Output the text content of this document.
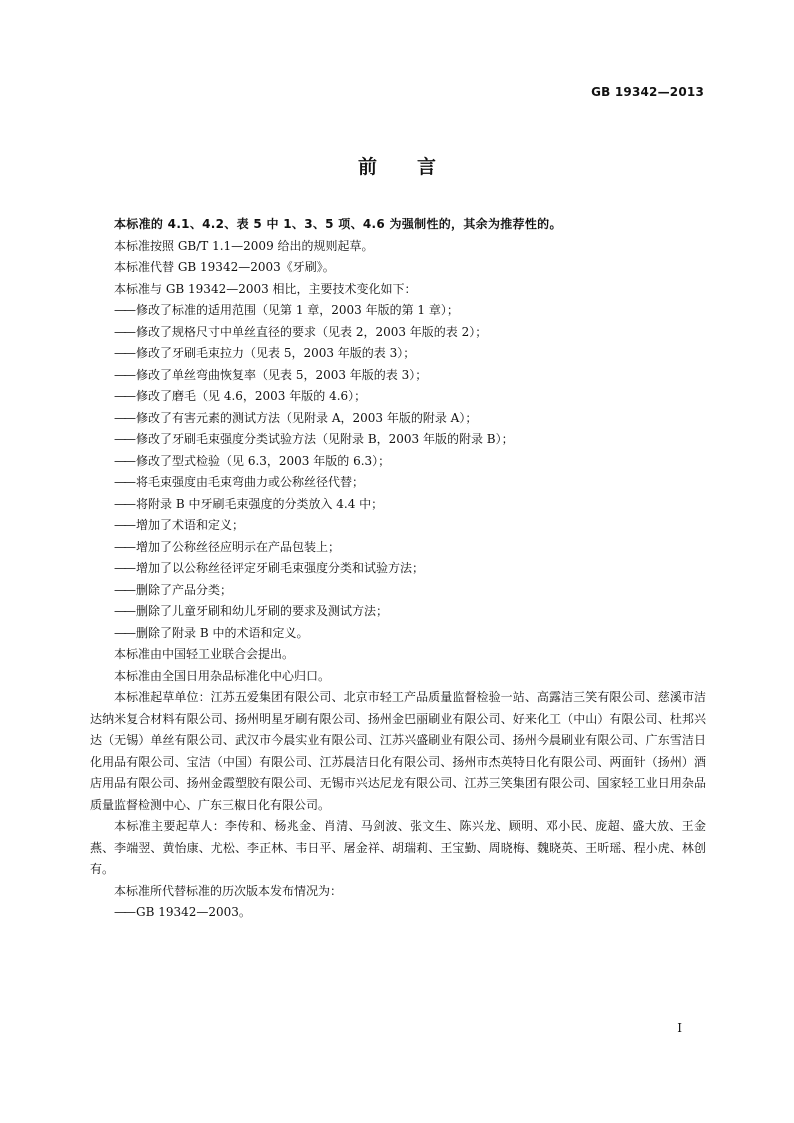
GB 19342—2013
前言

本标准的 4.1、4.2、表 5 中 1、3、5 项、4.6 为强制性的，其余为推荐性的。

本标准按照 GB/T 1.1—2009 给出的规则起草。

本标准代替 GB 19342—2003《牙刷》。

本标准与 GB 19342—2003 相比，主要技术变化如下：

—— 修改了标准的适用范围（见第 1 章，2003 年版的第 1 章）；

—— 修改了规格尺寸中单丝直径的要求（见表 2，2003 年版的表 2）；

—— 修改了牙刷毛束拉力（见表 5，2003 年版的表 3）；

—— 修改了单丝弯曲恢复率（见表 5，2003 年版的表 3）；

—— 修改了磨毛（见 4.6，2003 年版的 4.6）；

—— 修改了有害元素的测试方法（见附录 A，2003 年版的附录 A）；

—— 修改了牙刷毛束强度分类试验方法（见附录 B，2003 年版的附录 B）；

—— 修改了型式检验（见 6.3，2003 年版的 6.3）；

—— 将毛束强度由毛束弯曲力或公称丝径代替；

—— 将附录 B 中牙刷毛束强度的分类放入 4.4 中；

—— 增加了术语和定义；

—— 增加了公称丝径应明示在产品包装上；

—— 增加了以公称丝径评定牙刷毛束强度分类和试验方法；

—— 删除了产品分类；

—— 删除了儿童牙刷和幼儿牙刷的要求及测试方法；

—— 删除了附录 B 中的术语和定义。

本标准由中国轻工业联合会提出。

本标准由全国日用杂品标准化中心归口。

本标准起草单位：江苏五爱集团有限公司、北京市轻工产品质量监督检验一站、高露洁三笑有限公司、慈溪市洁达纳米复合材料有限公司、扬州明星牙刷有限公司、扬州金巴丽刷业有限公司、好来化工（中山）有限公司、杜邦兴达（无锡）单丝有限公司、武汉市今晨实业有限公司、江苏兴盛刷业有限公司、扬州今晨刷业有限公司、广东雪洁日化用品有限公司、宝洁（中国）有限公司、江苏晨洁日化有限公司、扬州市杰英特日化有限公司、两面针（扬州）酒店用品有限公司、扬州金霞塑胶有限公司、无锡市兴达尼龙有限公司、江苏三笑集团有限公司、国家轻工业日用杂品质量监督检测中心、广东三椒日化有限公司。

本标准主要起草人：李传和、杨兆金、肖清、马剑波、张文生、陈兴龙、顾明、邓小民、庞超、盛大放、王金燕、李端翌、黄怡康、尤松、李正林、韦日平、屠金祥、胡瑞莉、王宝勤、周晓梅、魏晓英、王昕瑶、程小虎、林创有。

本标准所代替标准的历次版本发布情况为：

—— GB 19342—2003。

I
